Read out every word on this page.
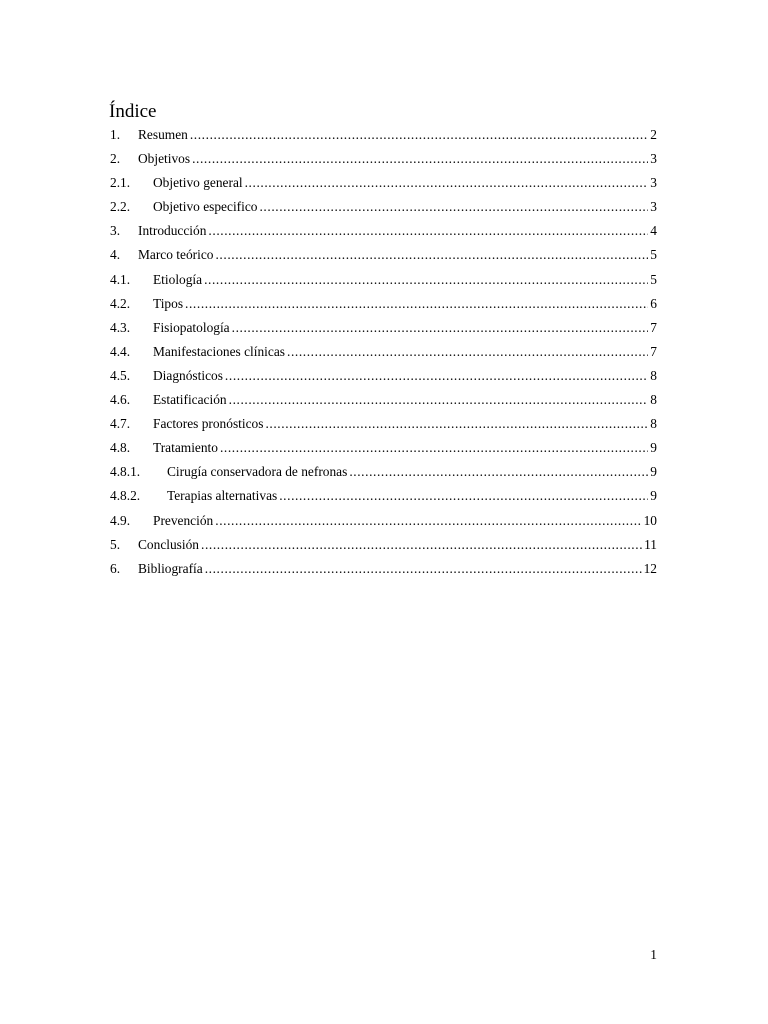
Índice
1.	Resumen .....	2
2.	Objetivos .....	3
2.1.	Objetivo general .....	3
2.2.	Objetivo especifico .....	3
3.	Introducción .....	4
4.	Marco teórico .....	5
4.1.	Etiología .....	5
4.2.	Tipos .....	6
4.3.	Fisiopatología .....	7
4.4.	Manifestaciones clínicas .....	7
4.5.	Diagnósticos .....	8
4.6.	Estatificación .....	8
4.7.	Factores pronósticos .....	8
4.8.	Tratamiento .....	9
4.8.1.	Cirugía conservadora de nefronas .....	9
4.8.2.	Terapias alternativas .....	9
4.9.	Prevención .....	10
5.	Conclusión .....	11
6.	Bibliografía .....	12
1
